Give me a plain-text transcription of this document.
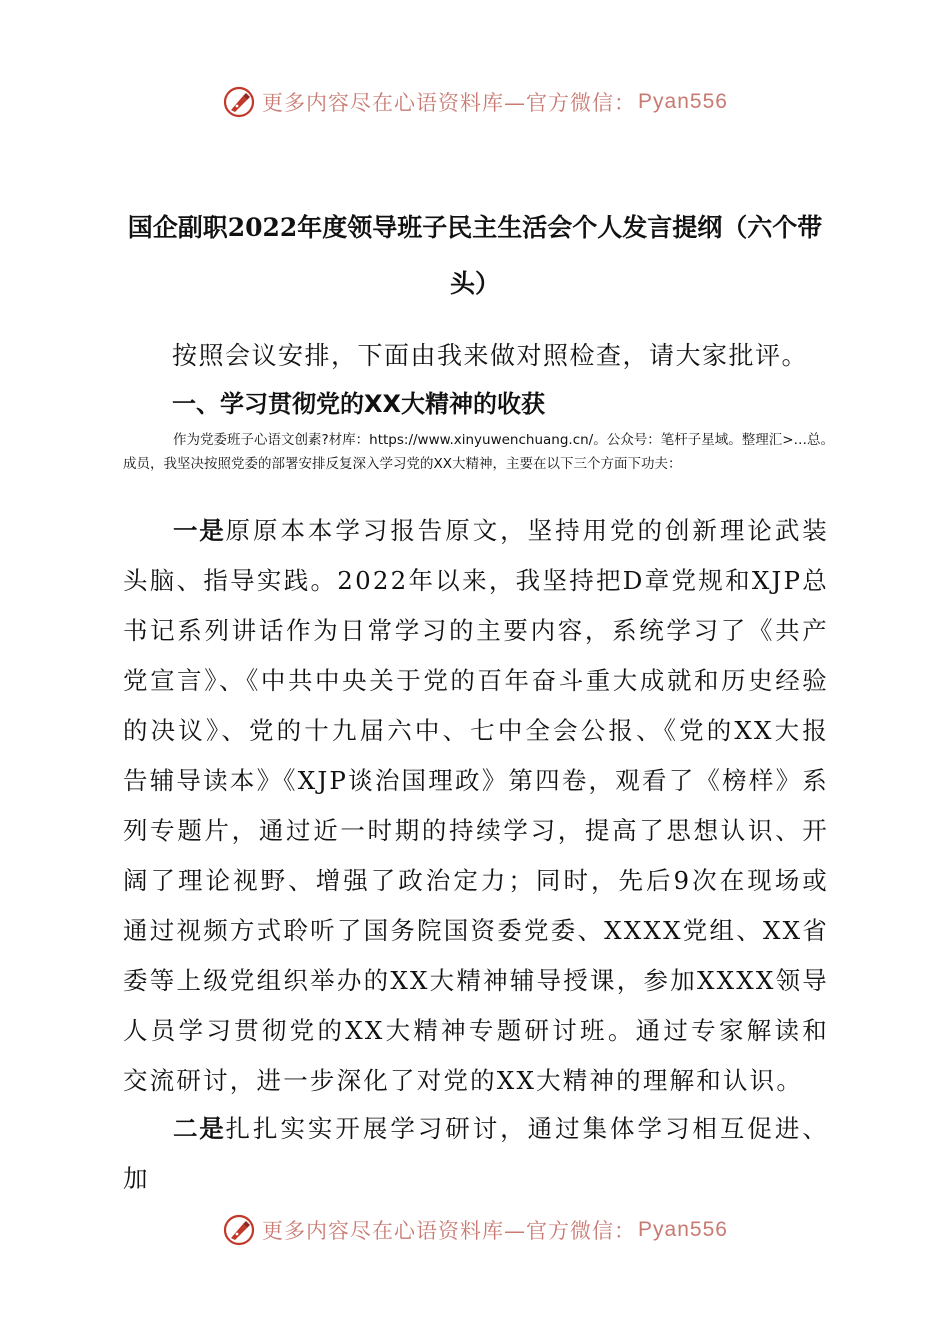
更多内容尽在心语资料库—官方微信： Pyan556
国企副职2022年度领导班子民主生活会个人发言提纲（六个带头）
按照会议安排，下面由我来做对照检查，请大家批评。
一、学习贯彻党的XX大精神的收获
作为党委班子心语文创素?材库：https://www.xinyuwenchuang.cn/。公众号：笔杆子星域。整理汇>…总。成员，我坚决按照党委的部署安排反复深入学习党的XX大精神，主要在以下三个方面下功夫：
一是原原本本学习报告原文，坚持用党的创新理论武装头脑、指导实践。2022年以来，我坚持把D章党规和XJP总书记系列讲话作为日常学习的主要内容，系统学习了《共产党宣言》、《中共中央关于党的百年奋斗重大成就和历史经验的决议》、党的十九届六中、七中全会公报、《党的XX大报告辅导读本》《XJP谈治国理政》第四卷，观看了《榜样》系列专题片，通过近一时期的持续学习，提高了思想认识、开阔了理论视野、增强了政治定力；同时，先后9次在现场或通过视频方式聆听了国务院国资委党委、XXXX党组、XX省委等上级党组织举办的XX大精神辅导授课，参加XXXX领导人员学习贯彻党的XX大精神专题研讨班。通过专家解读和交流研讨，进一步深化了对党的XX大精神的理解和认识。
二是扎扎实实开展学习研讨，通过集体学习相互促进、加
更多内容尽在心语资料库—官方微信： Pyan556
